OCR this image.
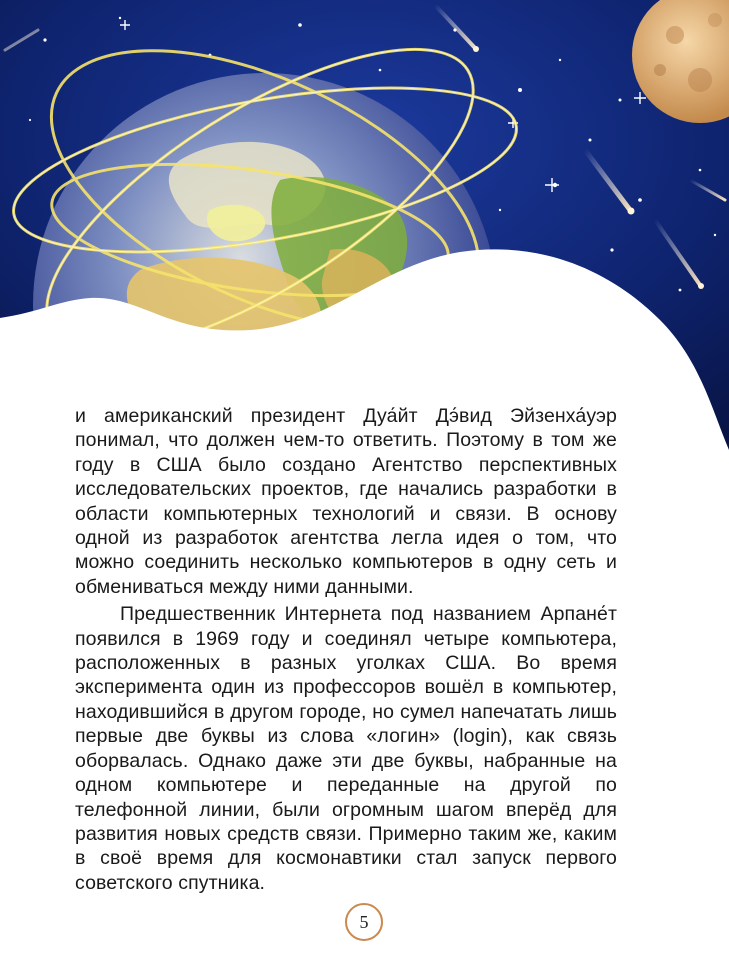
и американский президент Дуа́йт Дэ́вид Эйзенха́уэр понимал, что должен чем-то ответить. Поэтому в том же году в США было создано Агентство перспективных исследовательских проектов, где начались разработки в области компьютерных технологий и связи. В основу одной из разработок агентства легла идея о том, что можно соединить несколько компьютеров в одну сеть и обмениваться между ними данными.

Предшественник Интернета под названием Арпане́т появился в 1969 году и соединял четыре компьютера, расположенных в разных уголках США. Во время эксперимента один из профессоров вошёл в компьютер, находившийся в другом городе, но сумел напечатать лишь первые две буквы из слова «логин» (login), как связь оборвалась. Однако даже эти две буквы, набранные на одном компьютере и переданные на другой по телефонной линии, были огромным шагом вперёд для развития новых средств связи. Примерно таким же, каким в своё время для космонавтики стал запуск первого советского спутника.

5
